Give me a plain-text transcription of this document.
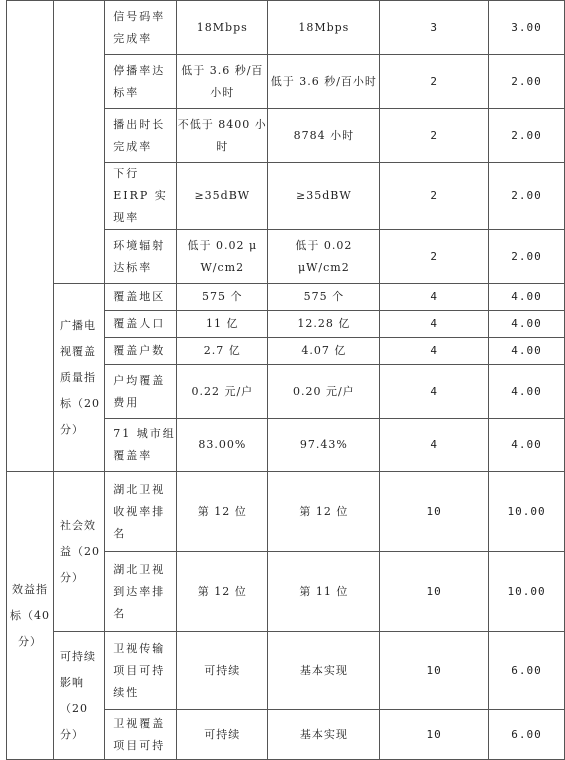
		信号码率完成率	18Mbps	18Mbps	3	3.00
		停播率达标率	低于 3.6 秒/百小时	低于 3.6 秒/百小时	2	2.00
		播出时长完成率	不低于 8400 小时	8784 小时	2	2.00
		下行 EIRP 实现率	≥35dBW	≥35dBW	2	2.00
		环境辐射达标率	低于 0.02 μ W/cm2	低于 0.02 μW/cm2	2	2.00
	广播电视覆盖质量指标（20分）	覆盖地区	575 个	575 个	4	4.00
		覆盖人口	11 亿	12.28 亿	4	4.00
		覆盖户数	2.7 亿	4.07 亿	4	4.00
		户均覆盖费用	0.22 元/户	0.20 元/户	4	4.00
		71 城市组覆盖率	83.00%	97.43%	4	4.00
效益指标（40分）	社会效益（20分）	湖北卫视收视率排名	第 12 位	第 12 位	10	10.00
		湖北卫视到达率排名	第 12 位	第 11 位	10	10.00
	可持续影响（20分）	卫视传输项目可持续性	可持续	基本实现	10	6.00
		卫视覆盖项目可持	可持续	基本实现	10	6.00
